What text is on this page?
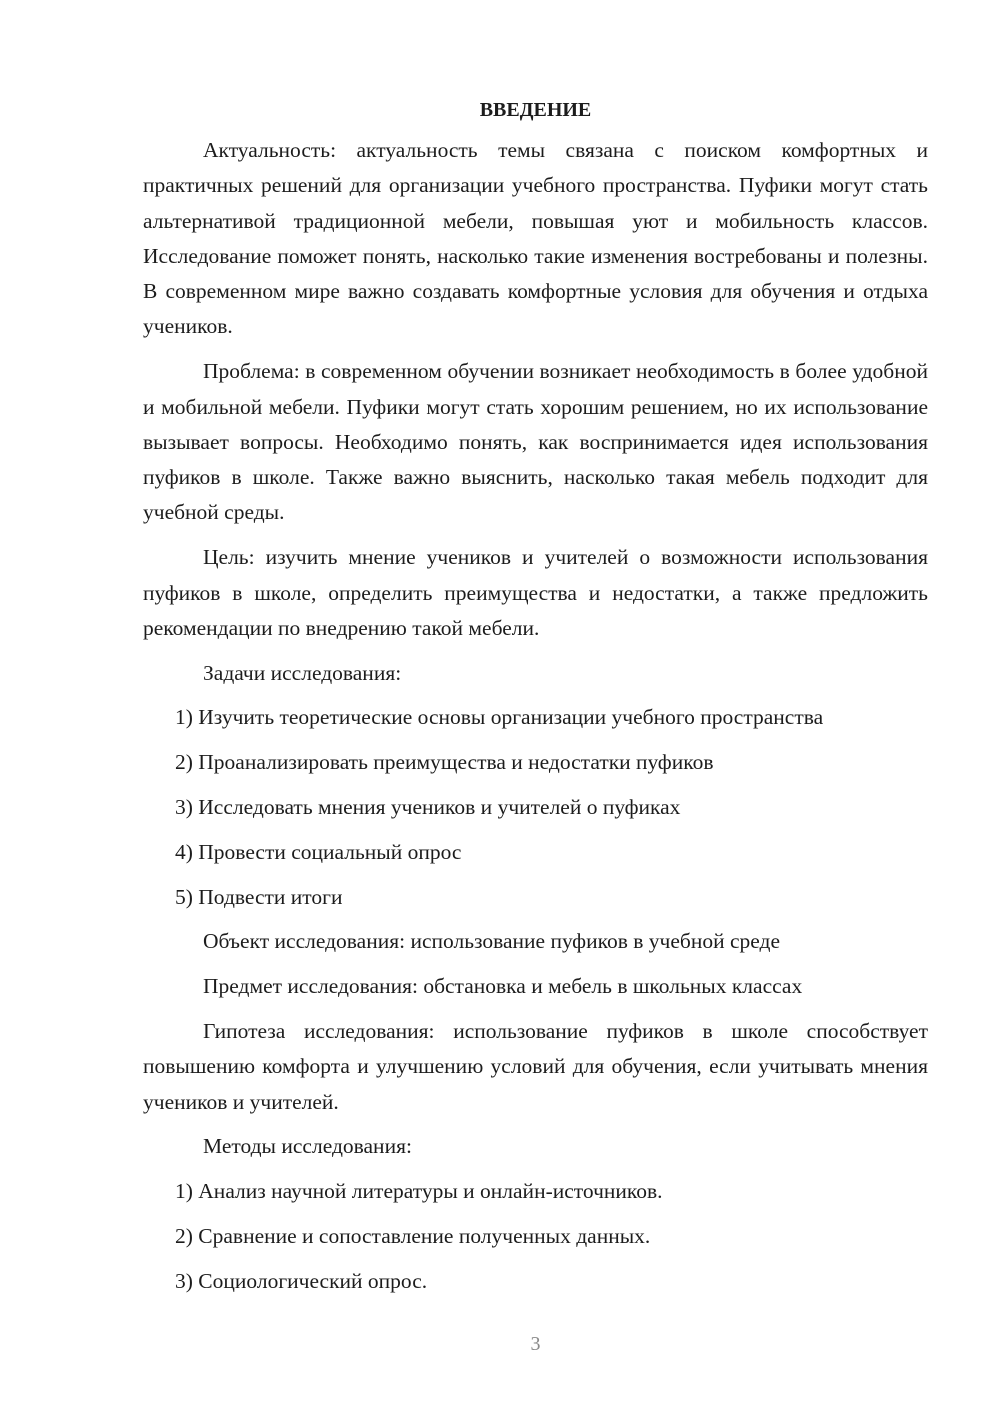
ВВЕДЕНИЕ

Актуальность: актуальность темы связана с поиском комфортных и практичных решений для организации учебного пространства. Пуфики могут стать альтернативой традиционной мебели, повышая уют и мобильность классов. Исследование поможет понять, насколько такие изменения востребованы и полезны. В современном мире важно создавать комфортные условия для обучения и отдыха учеников.

Проблема: в современном обучении возникает необходимость в более удобной и мобильной мебели. Пуфики могут стать хорошим решением, но их использование вызывает вопросы. Необходимо понять, как воспринимается идея использования пуфиков в школе. Также важно выяснить, насколько такая мебель подходит для учебной среды.

Цель: изучить мнение учеников и учителей о возможности использования пуфиков в школе, определить преимущества и недостатки, а также предложить рекомендации по внедрению такой мебели.

Задачи исследования:
1) Изучить теоретические основы организации учебного пространства
2) Проанализировать преимущества и недостатки пуфиков
3) Исследовать мнения учеников и учителей о пуфиках
4) Провести социальный опрос
5) Подвести итоги
Объект исследования: использование пуфиков в учебной среде
Предмет исследования: обстановка и мебель в школьных классах

Гипотеза исследования: использование пуфиков в школе способствует повышению комфорта и улучшению условий для обучения, если учитывать мнения учеников и учителей.

Методы исследования:
1) Анализ научной литературы и онлайн-источников.
2) Сравнение и сопоставление полученных данных.
3) Социологический опрос.
3
